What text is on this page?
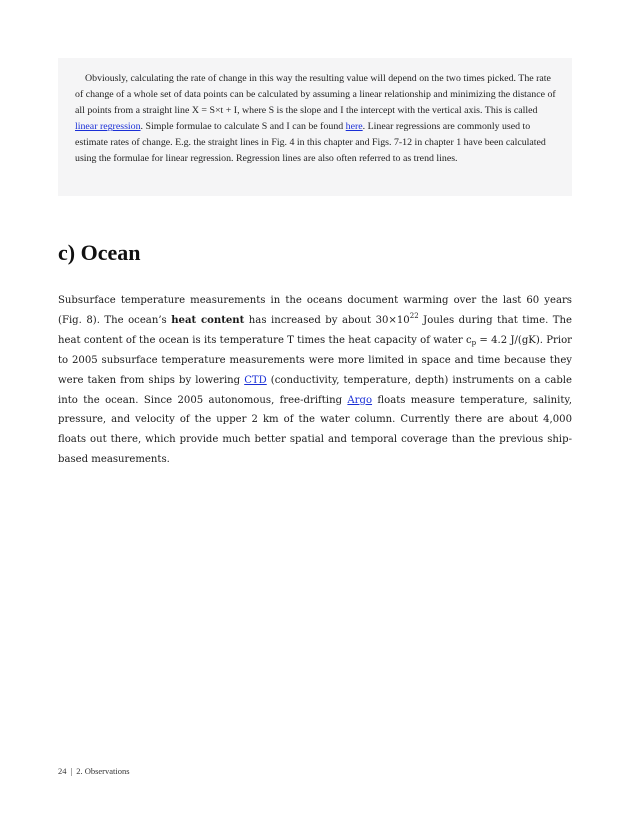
Obviously, calculating the rate of change in this way the resulting value will depend on the two times picked. The rate of change of a whole set of data points can be calculated by assuming a linear relationship and minimizing the distance of all points from a straight line X = S×t + I, where S is the slope and I the intercept with the vertical axis. This is called linear regression. Simple formulae to calculate S and I can be found here. Linear regressions are commonly used to estimate rates of change. E.g. the straight lines in Fig. 4 in this chapter and Figs. 7-12 in chapter 1 have been calculated using the formulae for linear regression. Regression lines are also often referred to as trend lines.

c) Ocean

Subsurface temperature measurements in the oceans document warming over the last 60 years (Fig. 8). The ocean’s heat content has increased by about $30\times 10^{22}$ Joules during that time. The heat content of the ocean is its temperature T times the heat capacity of water $c_p = 4.2$ J/(gK). Prior to 2005 subsurface temperature measurements were more limited in space and time because they were taken from ships by lowering CTD (conductivity, temperature, depth) instruments on a cable into the ocean. Since 2005 autonomous, free-drifting Argo floats measure temperature, salinity, pressure, and velocity of the upper 2 km of the water column. Currently there are about 4,000 floats out there, which provide much better spatial and temporal coverage than the previous ship-based measurements.

24 | 2. Observations
